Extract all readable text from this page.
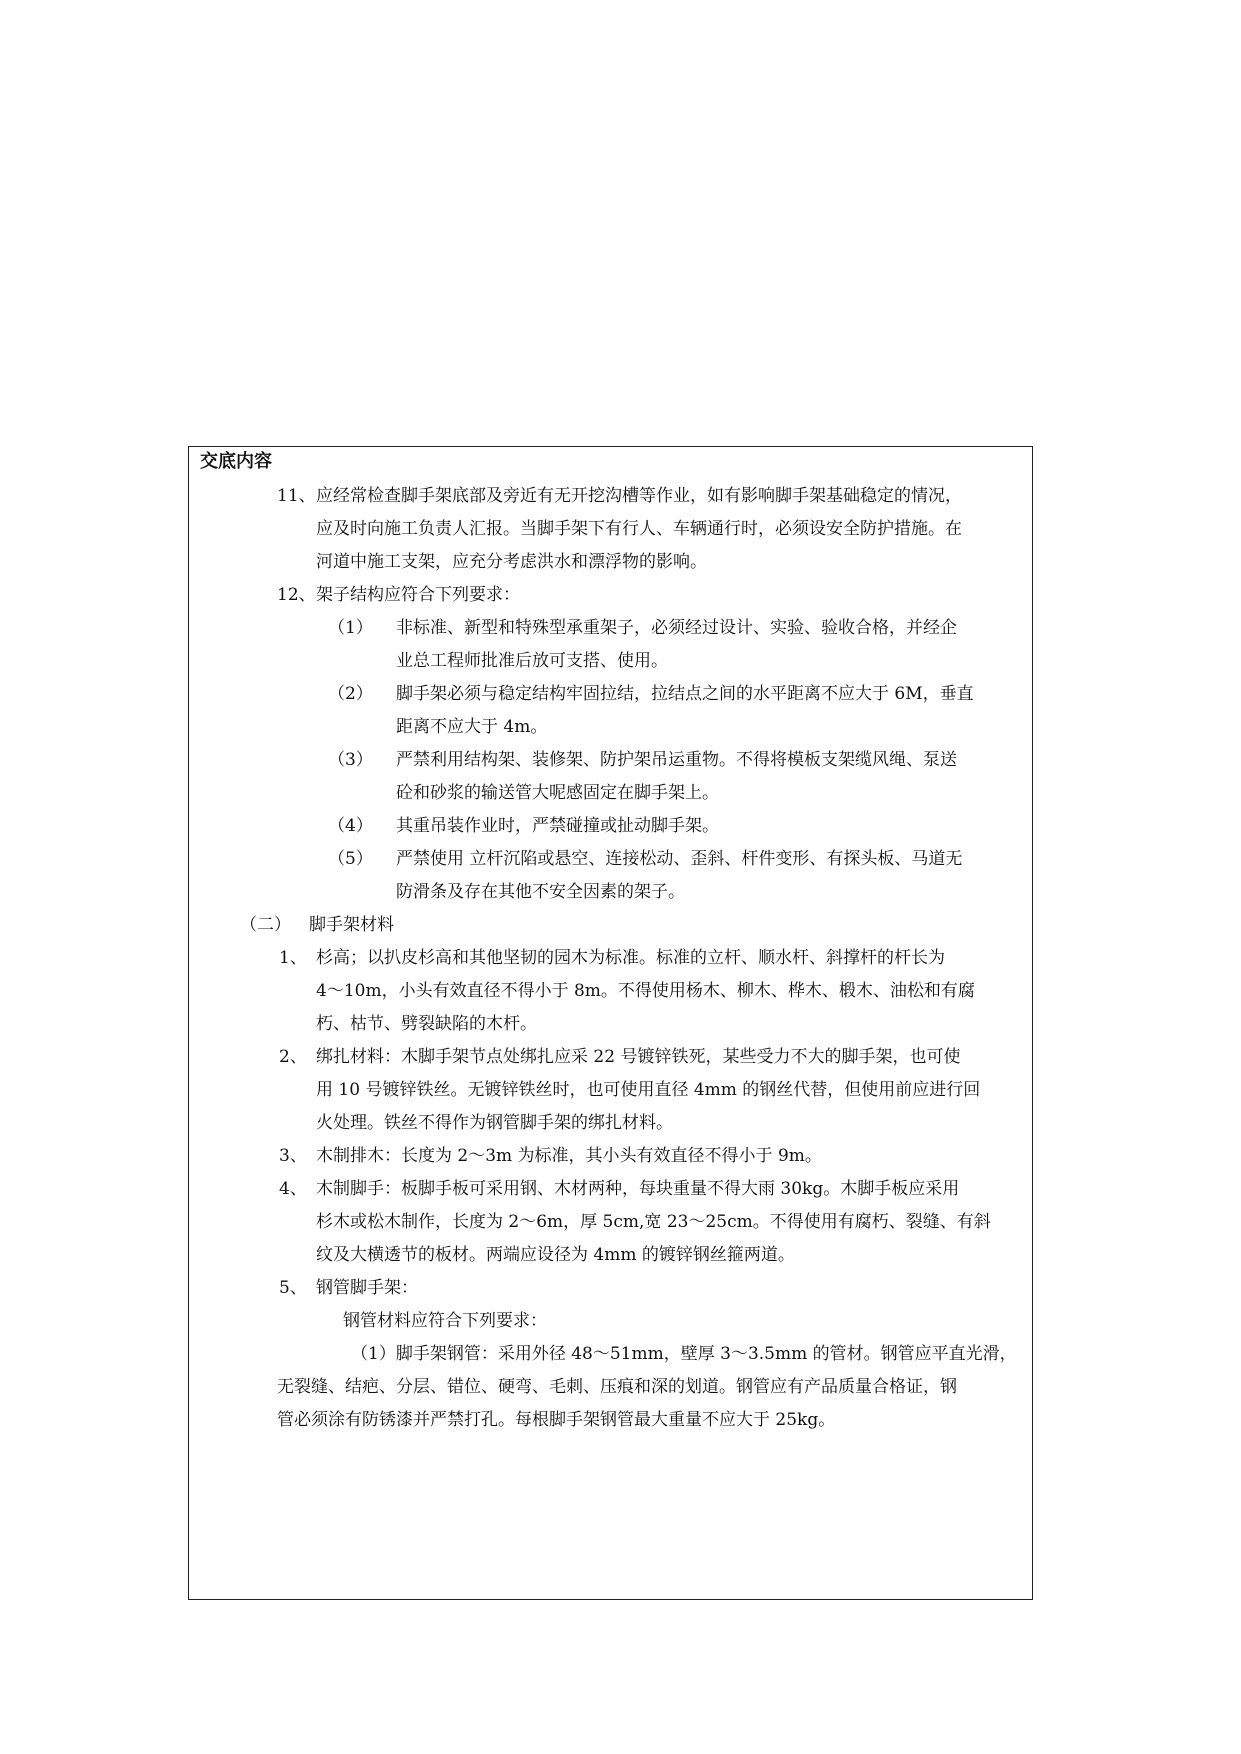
交底内容
11、 应经常检查脚手架底部及旁近有无开挖沟槽等作业，如有影响脚手架基础稳定的情况，
应及时向施工负责人汇报。当脚手架下有行人、车辆通行时，必须设安全防护措施。在
河道中施工支架，应充分考虑洪水和漂浮物的影响。
12、 架子结构应符合下列要求：
（1） 非标准、新型和特殊型承重架子，必须经过设计、实验、验收合格，并经企
业总工程师批准后放可支搭、使用。
（2） 脚手架必须与稳定结构牢固拉结，拉结点之间的水平距离不应大于 6M，垂直
距离不应大于 4m。
（3） 严禁利用结构架、装修架、防护架吊运重物。不得将模板支架缆风绳、泵送
砼和砂浆的输送管大呢感固定在脚手架上。
（4） 其重吊装作业时，严禁碰撞或扯动脚手架。
（5） 严禁使用 立杆沉陷或悬空、连接松动、歪斜、杆件变形、有探头板、马道无
防滑条及存在其他不安全因素的架子。
（二） 脚手架材料
1、 杉高；以扒皮杉高和其他坚韧的园木为标准。标准的立杆、顺水杆、斜撑杆的杆长为
4～10m，小头有效直径不得小于 8m。不得使用杨木、柳木、桦木、椴木、油松和有腐
朽、枯节、劈裂缺陷的木杆。
2、 绑扎材料：木脚手架节点处绑扎应采 22 号镀锌铁死，某些受力不大的脚手架，也可使
用 10 号镀锌铁丝。无镀锌铁丝时，也可使用直径 4mm 的钢丝代替，但使用前应进行回
火处理。铁丝不得作为钢管脚手架的绑扎材料。
3、 木制排木：长度为 2～3m 为标准，其小头有效直径不得小于 9m。
4、 木制脚手：板脚手板可采用钢、木材两种，每块重量不得大雨 30kg。木脚手板应采用
杉木或松木制作，长度为 2～6m，厚 5cm,宽 23～25cm。不得使用有腐朽、裂缝、有斜
纹及大横透节的板材。两端应设径为 4mm 的镀锌钢丝箍两道。
5、 钢管脚手架：
钢管材料应符合下列要求：
（1）脚手架钢管：采用外径 48～51mm，壁厚 3～3.5mm 的管材。钢管应平直光滑，
无裂缝、结疤、分层、错位、硬弯、毛刺、压痕和深的划道。钢管应有产品质量合格证，钢
管必须涂有防锈漆并严禁打孔。每根脚手架钢管最大重量不应大于 25kg。
